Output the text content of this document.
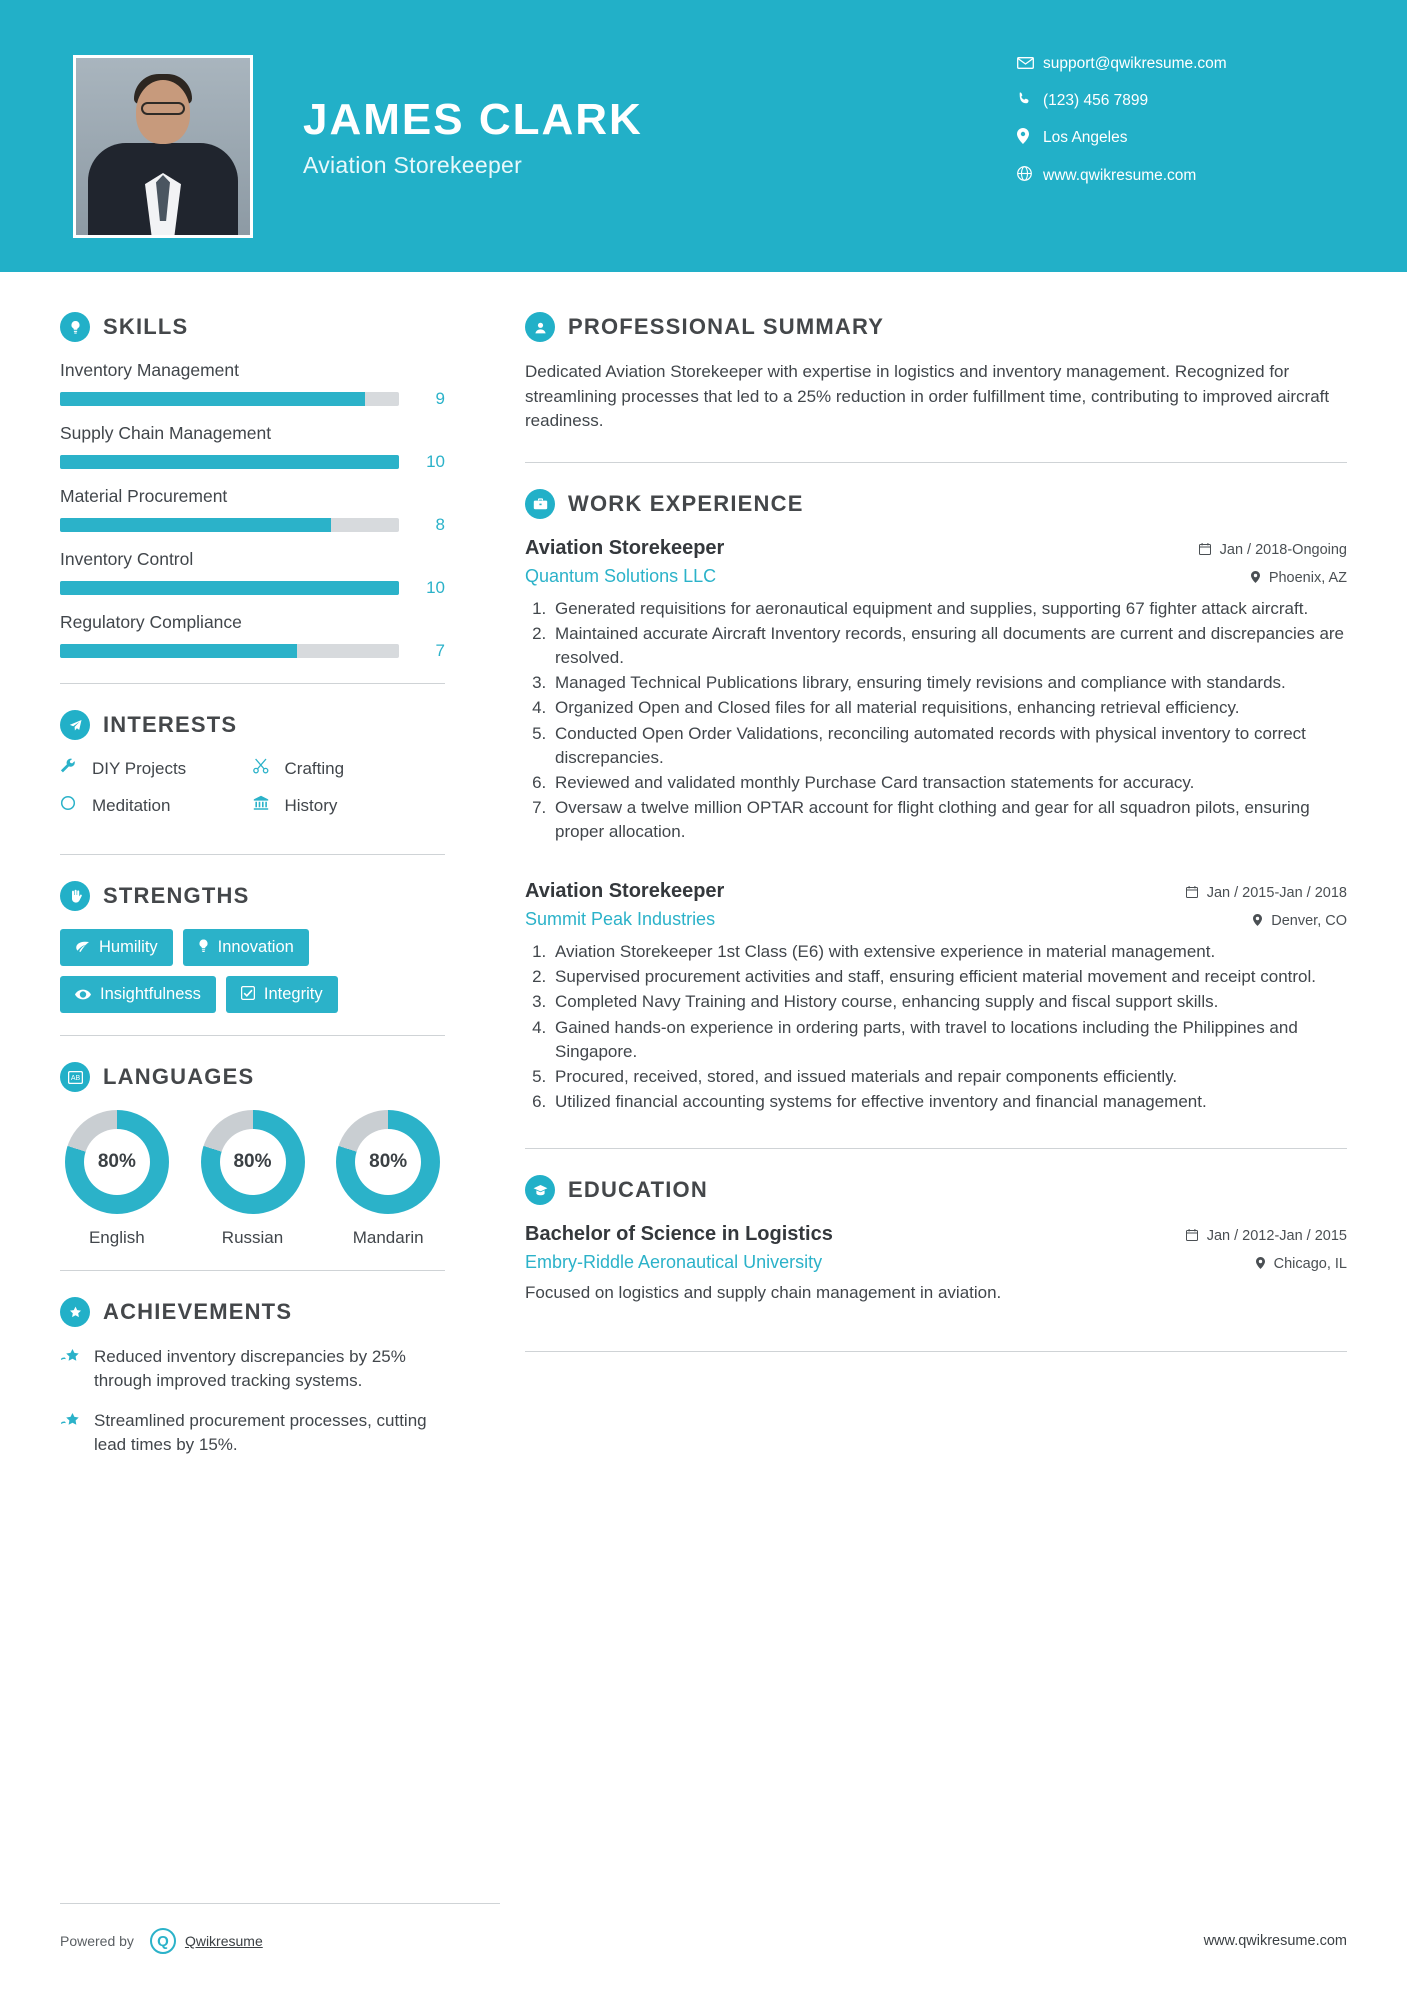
JAMES CLARK
Aviation Storekeeper
support@qwikresume.com
(123) 456 7899
Los Angeles
www.qwikresume.com
SKILLS
Inventory Management
9
Supply Chain Management
10
Material Procurement
8
Inventory Control
10
Regulatory Compliance
7
INTERESTS
DIY Projects	Crafting
Meditation	History
STRENGTHS
Humility	Innovation
Insightfulness	Integrity
AB LANGUAGES
80%
English
80%
Russian
80%
Mandarin
ACHIEVEMENTS
Reduced inventory discrepancies by 25% through improved tracking systems.
Streamlined procurement processes, cutting lead times by 15%.
PROFESSIONAL SUMMARY
Dedicated Aviation Storekeeper with expertise in logistics and inventory management. Recognized for streamlining processes that led to a 25% reduction in order fulfillment time, contributing to improved aircraft readiness.
WORK EXPERIENCE
Aviation Storekeeper	Jan / 2018-Ongoing
Quantum Solutions LLC	Phoenix, AZ
1. Generated requisitions for aeronautical equipment and supplies, supporting 67 fighter attack aircraft.
2. Maintained accurate Aircraft Inventory records, ensuring all documents are current and discrepancies are resolved.
3. Managed Technical Publications library, ensuring timely revisions and compliance with standards.
4. Organized Open and Closed files for all material requisitions, enhancing retrieval efficiency.
5. Conducted Open Order Validations, reconciling automated records with physical inventory to correct discrepancies.
6. Reviewed and validated monthly Purchase Card transaction statements for accuracy.
7. Oversaw a twelve million OPTAR account for flight clothing and gear for all squadron pilots, ensuring proper allocation.
Aviation Storekeeper	Jan / 2015-Jan / 2018
Summit Peak Industries	Denver, CO
1. Aviation Storekeeper 1st Class (E6) with extensive experience in material management.
2. Supervised procurement activities and staff, ensuring efficient material movement and receipt control.
3. Completed Navy Training and History course, enhancing supply and fiscal support skills.
4. Gained hands-on experience in ordering parts, with travel to locations including the Philippines and Singapore.
5. Procured, received, stored, and issued materials and repair components efficiently.
6. Utilized financial accounting systems for effective inventory and financial management.
EDUCATION
Bachelor of Science in Logistics	Jan / 2012-Jan / 2015
Embry-Riddle Aeronautical University	Chicago, IL
Focused on logistics and supply chain management in aviation.
Powered by	Q	Qwikresume	www.qwikresume.com
